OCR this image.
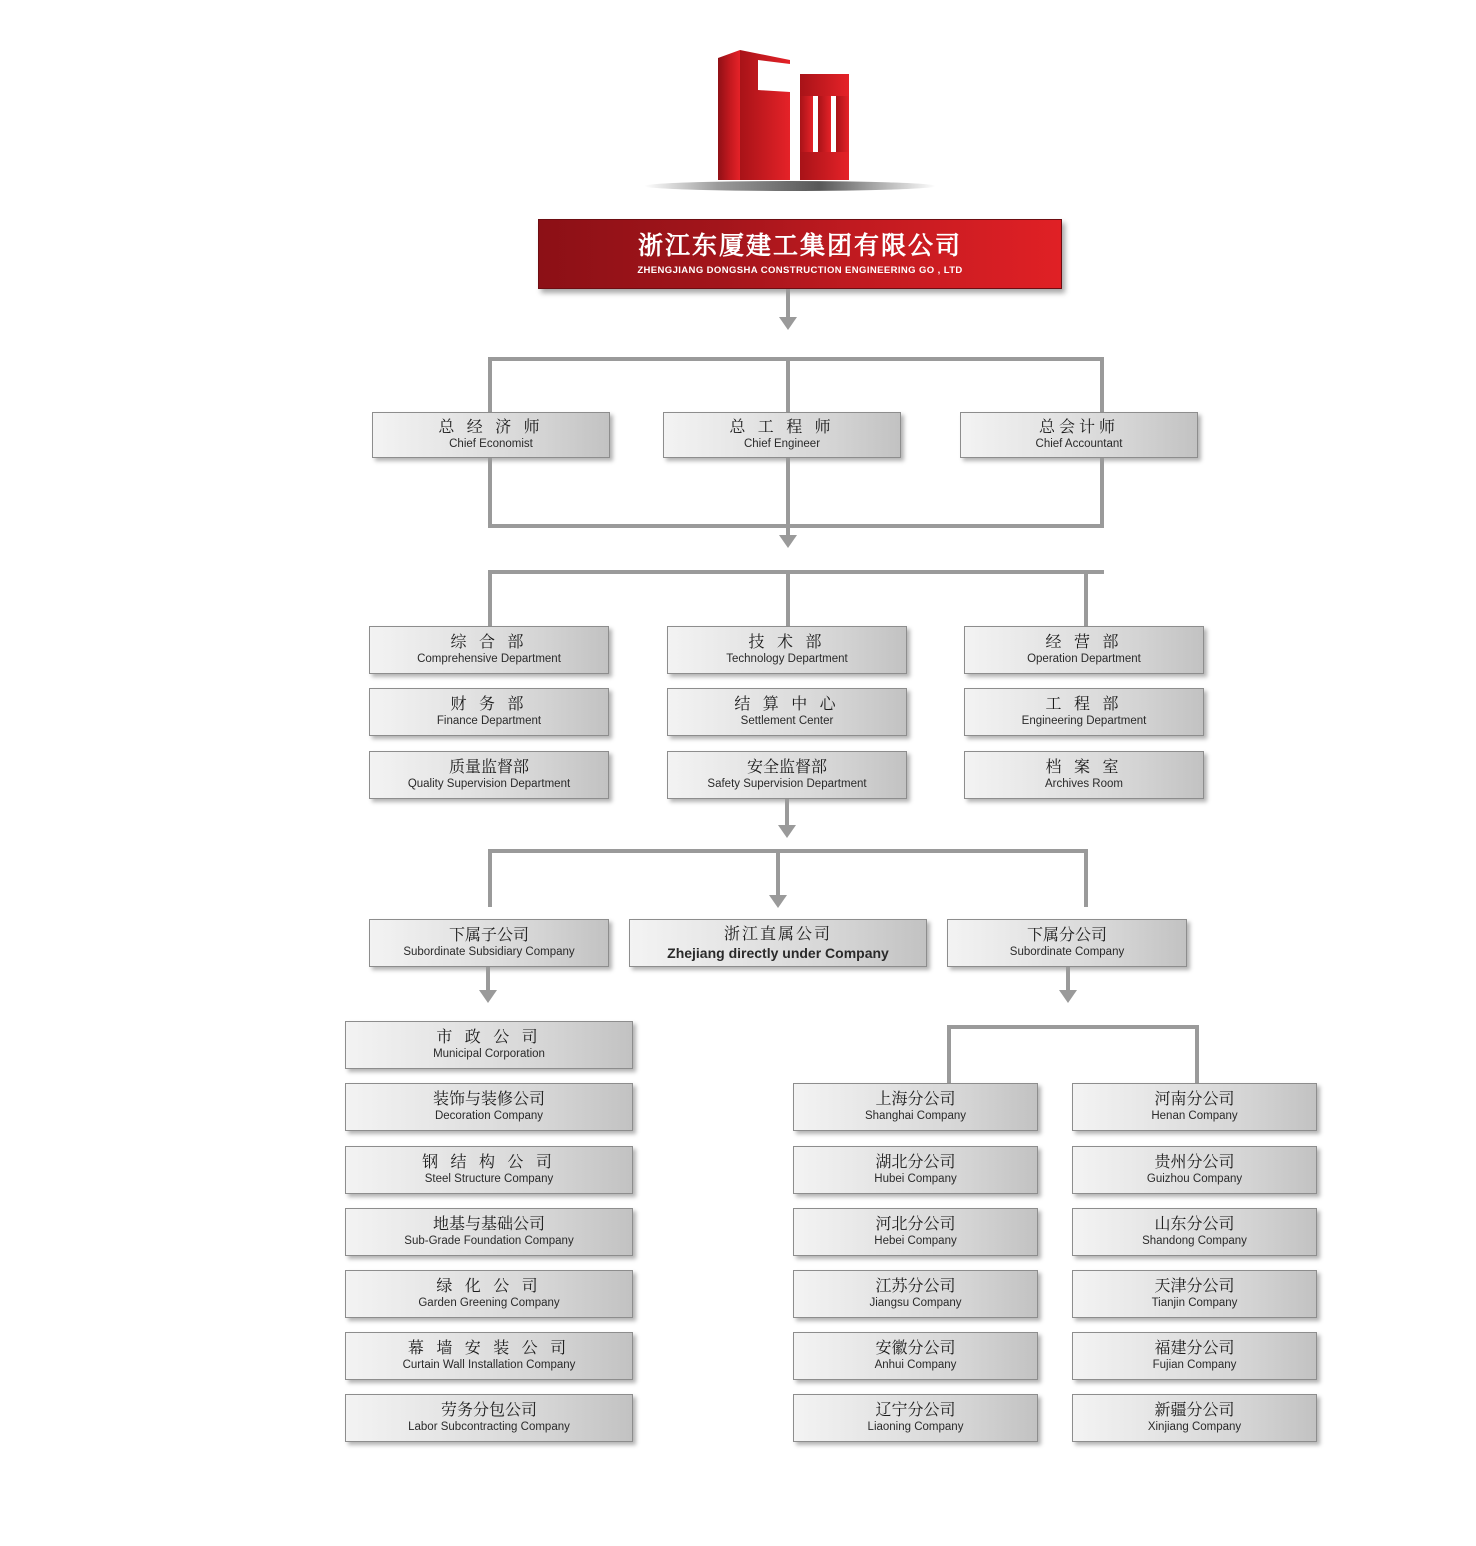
浙江东厦建工集团有限公司
ZHENGJIANG DONGSHA CONSTRUCTION ENGINEERING GO , LTD
总 经 济 师
Chief Economist
总 工 程 师
Chief Engineer
总会计师
Chief Accountant
综 合 部
Comprehensive Department
财 务 部
Finance Department
质量监督部
Quality Supervision Department
技 术 部
Technology Department
结 算 中 心
Settlement Center
安全监督部
Safety Supervision Department
经 营 部
Operation Department
工 程 部
Engineering Department
档 案 室
Archives Room
下属子公司
Subordinate Subsidiary Company
浙江直属公司
Zhejiang directly under Company
下属分公司
Subordinate Company
市 政 公 司
Municipal Corporation
装饰与装修公司
Decoration Company
钢 结 构 公 司
Steel Structure Company
地基与基础公司
Sub-Grade Foundation Company
绿 化 公 司
Garden Greening Company
幕 墙 安 装 公 司
Curtain Wall Installation Company
劳务分包公司
Labor Subcontracting Company
上海分公司
Shanghai Company
湖北分公司
Hubei Company
河北分公司
Hebei Company
江苏分公司
Jiangsu Company
安徽分公司
Anhui Company
辽宁分公司
Liaoning Company
河南分公司
Henan Company
贵州分公司
Guizhou Company
山东分公司
Shandong Company
天津分公司
Tianjin Company
福建分公司
Fujian Company
新疆分公司
Xinjiang Company
